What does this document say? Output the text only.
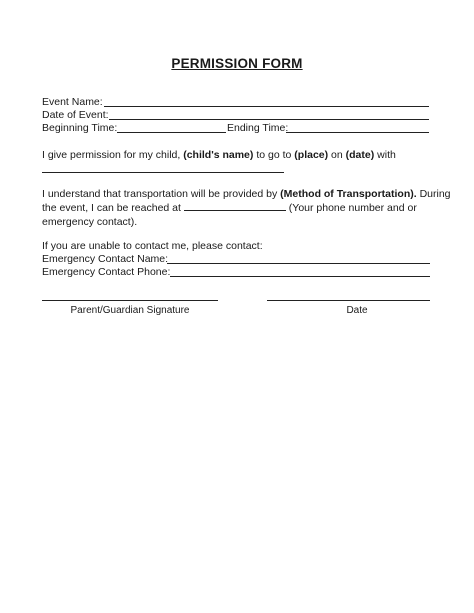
PERMISSION FORM
Event Name:
Date of Event:
Beginning Time:	Ending Time:
I give permission for my child, (child's name) to go to (place) on (date) with
I understand that transportation will be provided by (Method of Transportation). During
the event, I can be reached at	(Your phone number and or
emergency contact).
If you are unable to contact me, please contact:
Emergency Contact Name:
Emergency Contact Phone:
Parent/Guardian Signature	Date
